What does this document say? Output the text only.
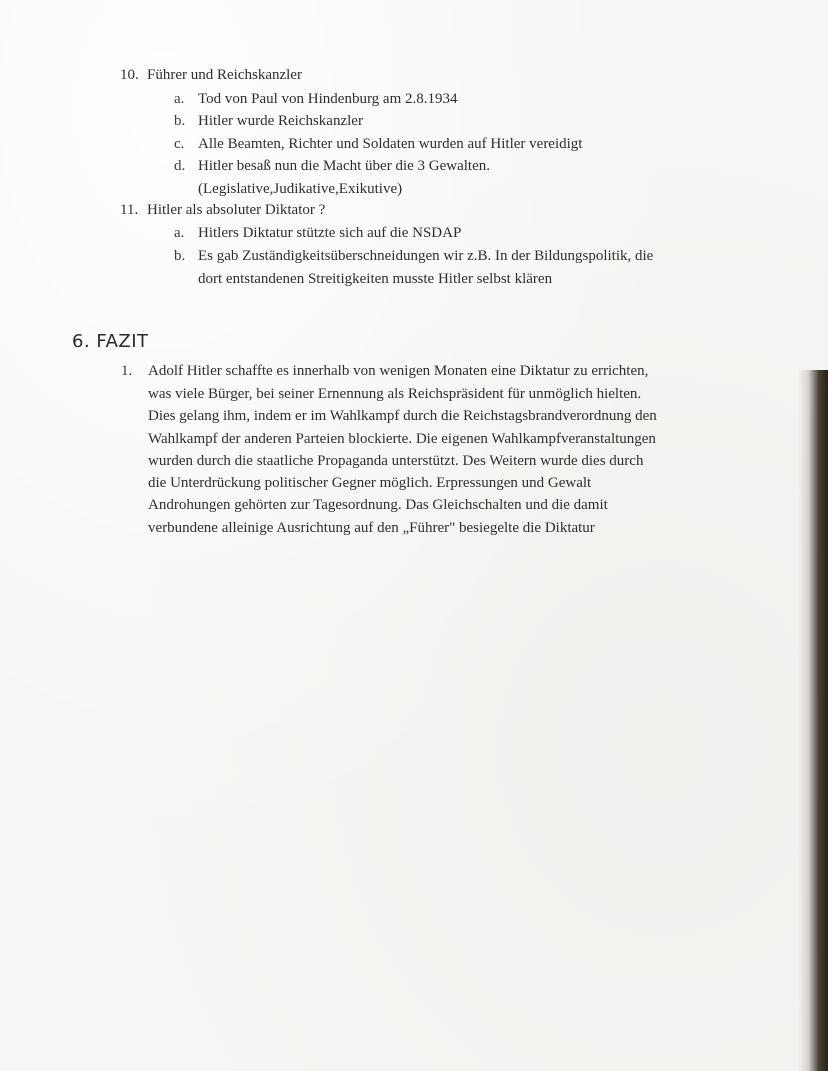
10. Führer und Reichskanzler
a. Tod von Paul von Hindenburg am 2.8.1934
b. Hitler wurde Reichskanzler
c. Alle Beamten, Richter und Soldaten wurden auf Hitler vereidigt
d. Hitler besaß nun die Macht über die 3 Gewalten.
(Legislative,Judikative,Exikutive)
11. Hitler als absoluter Diktator ?
a. Hitlers Diktatur stützte sich auf die NSDAP
b. Es gab Zuständigkeitsüberschneidungen wir z.B. In der Bildungspolitik, die
dort entstandenen Streitigkeiten musste Hitler selbst klären
6. FAZIT
1. Adolf Hitler schaffte es innerhalb von wenigen Monaten eine Diktatur zu errichten,
was viele Bürger, bei seiner Ernennung als Reichspräsident für unmöglich hielten.
Dies gelang ihm, indem er im Wahlkampf durch die Reichstagsbrandverordnung den
Wahlkampf der anderen Parteien blockierte. Die eigenen Wahlkampfveranstaltungen
wurden durch die staatliche Propaganda unterstützt. Des Weitern wurde dies durch
die Unterdrückung politischer Gegner möglich. Erpressungen und Gewalt
Androhungen gehörten zur Tagesordnung. Das Gleichschalten und die damit
verbundene alleinige Ausrichtung auf den „Führer" besiegelte die Diktatur
